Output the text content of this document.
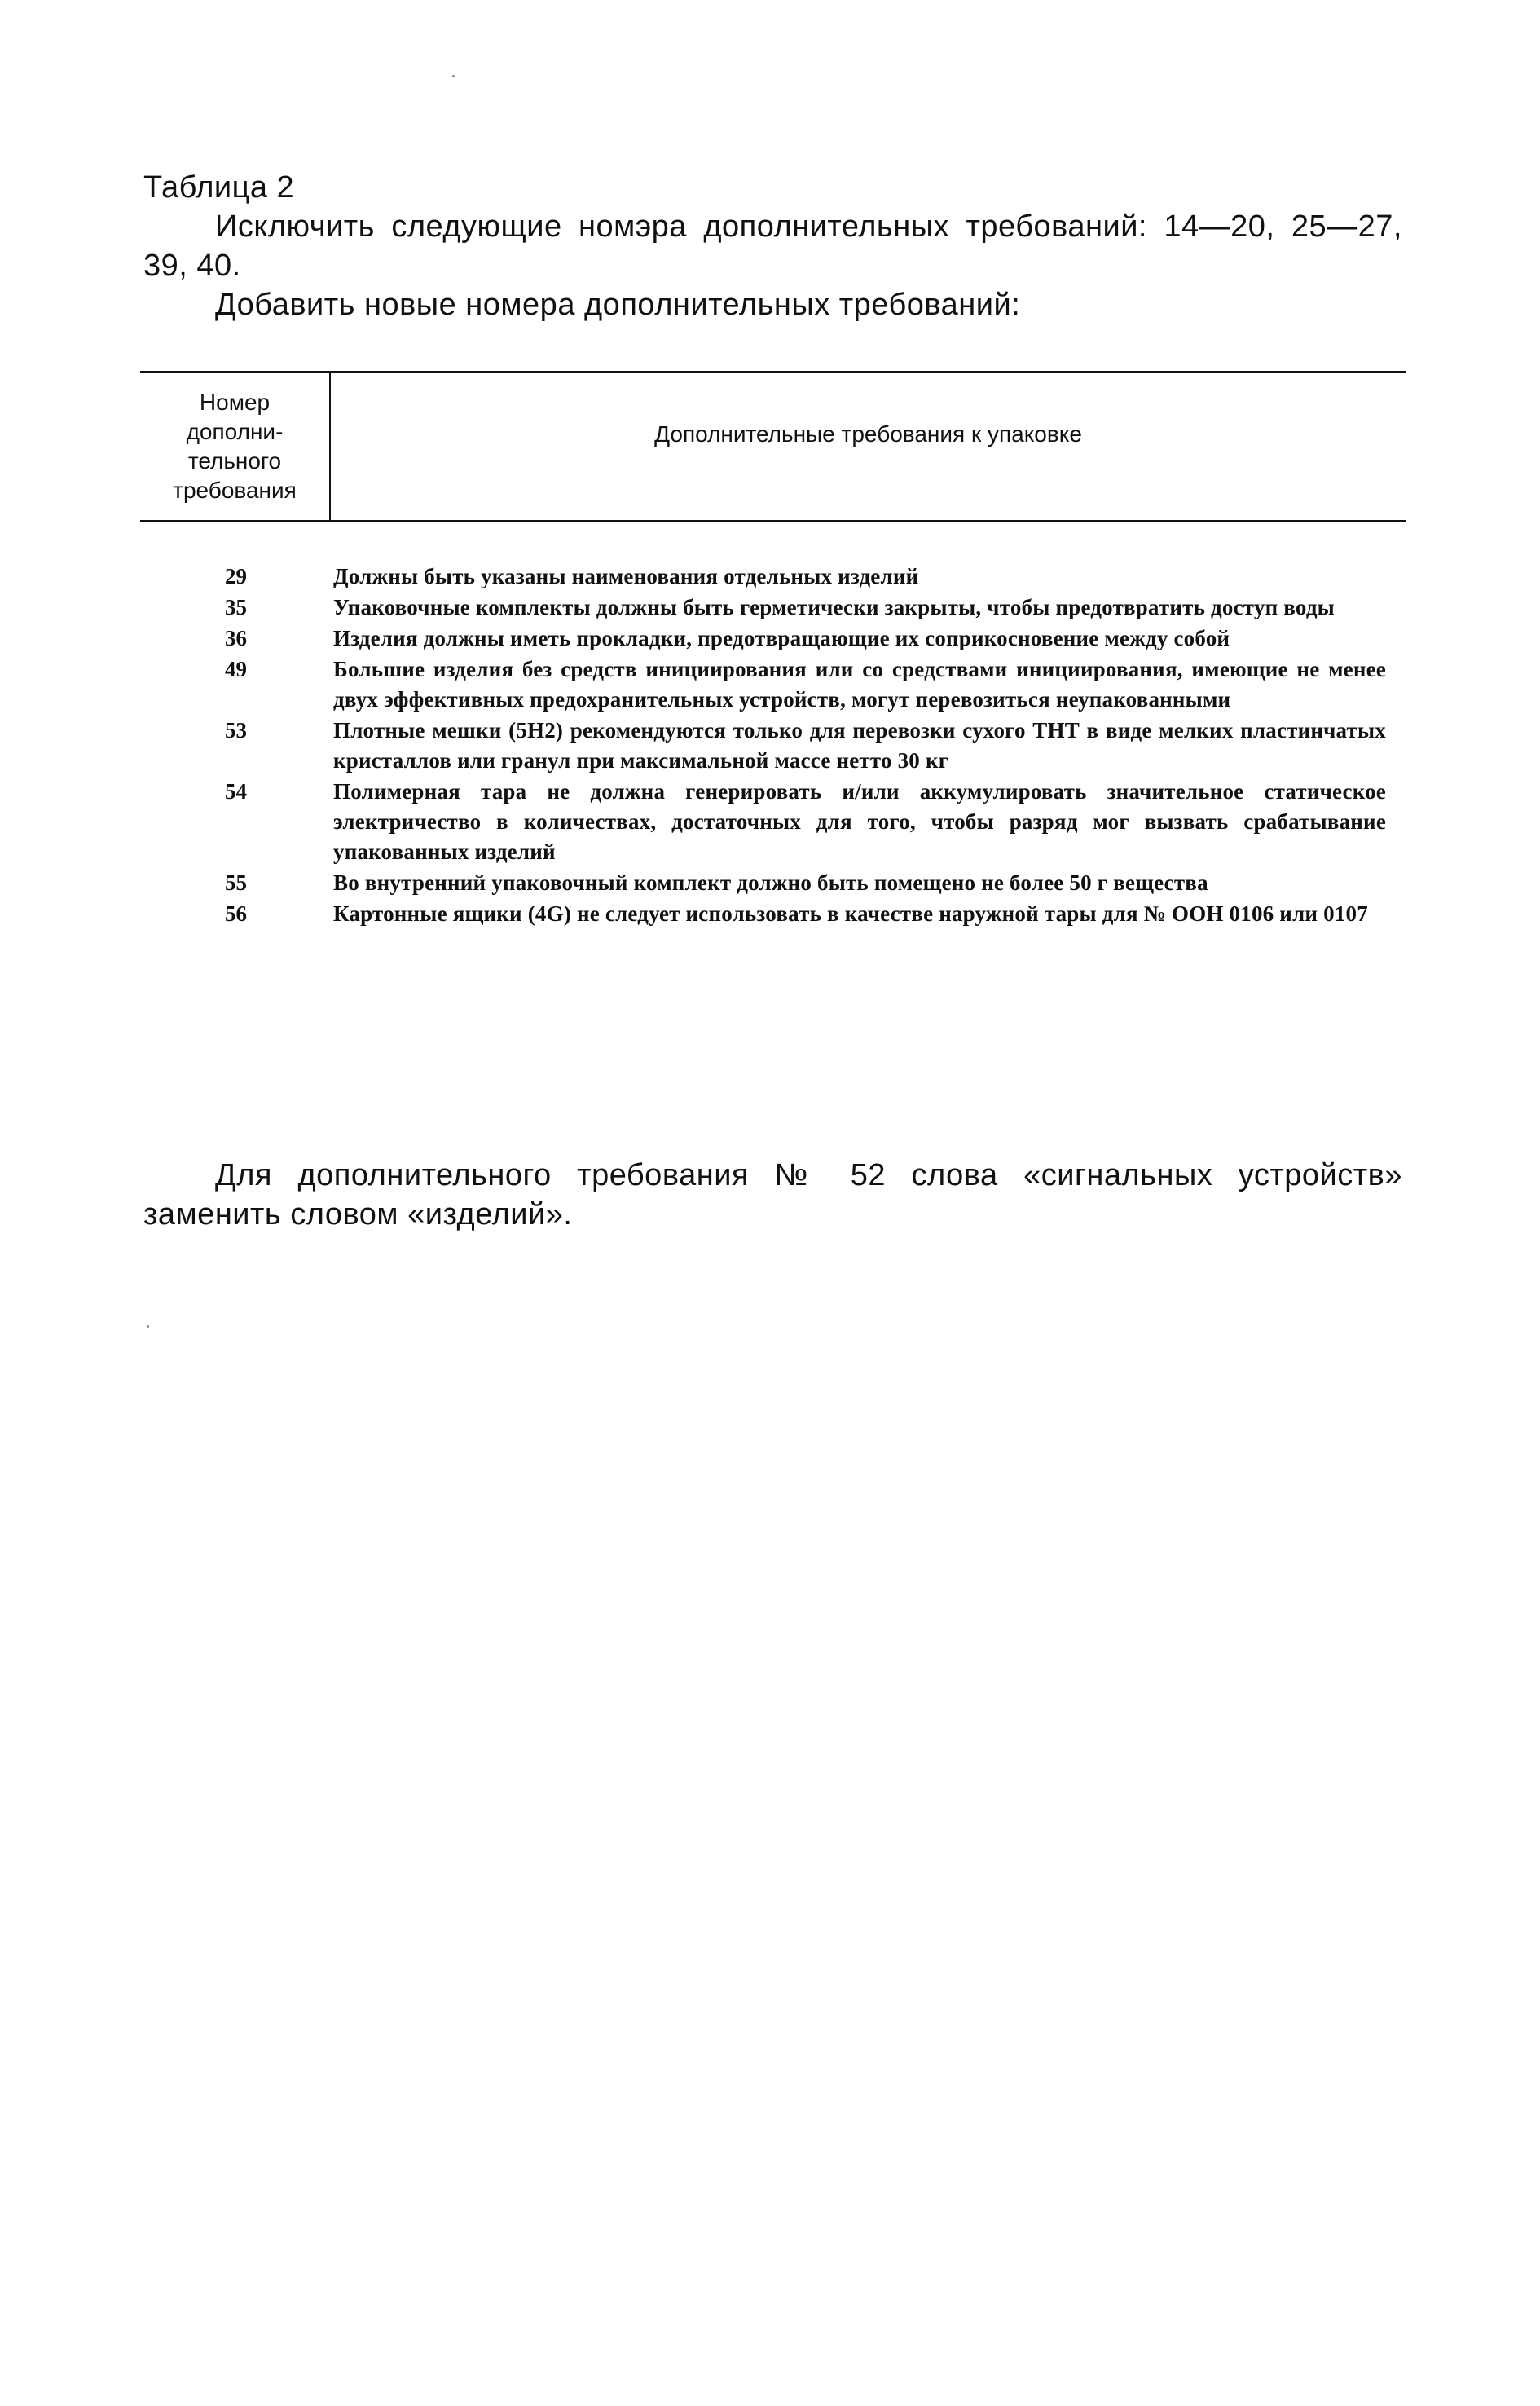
Таблица 2

Исключить следующие номэра дополнительных требований: 14—20, 25—27, 39, 40.

Добавить новые номера дополнительных требований:

Номер
дополни-
тельного
требования	Дополнительные требования к упаковке

29	Должны быть указаны наименования отдельных изделий
35	Упаковочные комплекты должны быть герметически закрыты, чтобы предотвратить доступ воды
36	Изделия должны иметь прокладки, предотвращающие их соприкосновение между собой
49	Большие изделия без средств инициирования или со средствами инициирования, имеющие не менее двух эффективных предохранительных устройств, могут перевозиться неупакованными
53	Плотные мешки (5Н2) рекомендуются только для перевозки сухого ТНТ в виде мелких пластинчатых кристаллов или гранул при максимальной массе нетто 30 кг
54	Полимерная тара не должна генерировать и/или аккумулировать значительное статическое электричество в количествах, достаточных для того, чтобы разряд мог вызвать срабатывание упакованных изделий
55	Во внутренний упаковочный комплект должно быть помещено не более 50 г вещества
56	Картонные ящики (4G) не следует использовать в качестве наружной тары для № ООН 0106 или 0107

Для дополнительного требования № 52 слова «сигнальных устройств» заменить словом «изделий».
